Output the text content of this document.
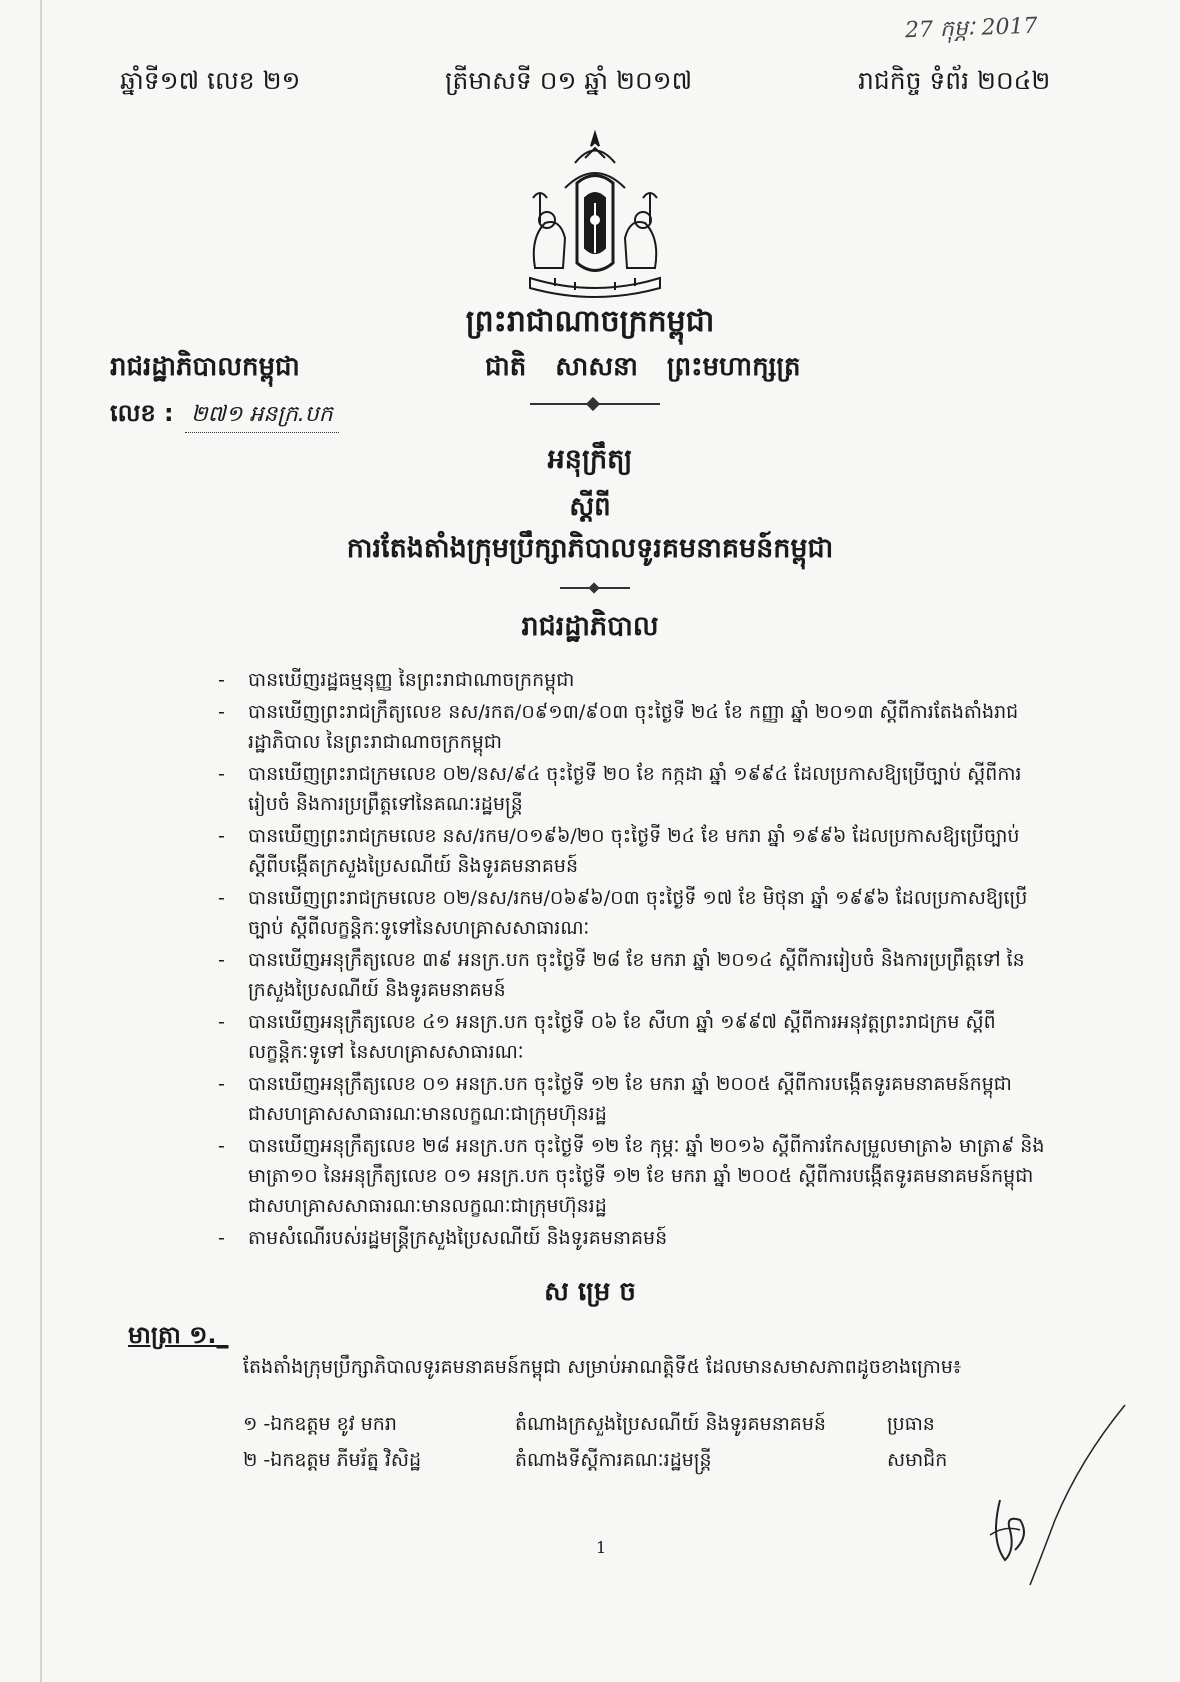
27 កុម្ភៈ 2017
ឆ្នាំទី១៧ លេខ ២១	ត្រីមាសទី ០១ ឆ្នាំ ២០១៧	រាជកិច្ច ទំព័រ ២០៤២
ព្រះរាជាណាចក្រកម្ពុជា
រាជរដ្ឋាភិបាលកម្ពុជា	ជាតិ សាសនា ព្រះមហាក្សត្រ
លេខ : ២៧១ អនក្រ.បក
អនុក្រឹត្យ
ស្តីពី
ការតែងតាំងក្រុមប្រឹក្សាភិបាលទូរគមនាគមន៍កម្ពុជា
រាជរដ្ឋាភិបាល
- បានឃើញរដ្ឋធម្មនុញ្ញ នៃព្រះរាជាណាចក្រកម្ពុជា
- បានឃើញព្រះរាជក្រឹត្យលេខ នស/រកត/០៩១៣/៩០៣ ចុះថ្ងៃទី ២៤ ខែ កញ្ញា ឆ្នាំ ២០១៣ ស្តីពីការតែងតាំងរាជរដ្ឋាភិបាល នៃព្រះរាជាណាចក្រកម្ពុជា
- បានឃើញព្រះរាជក្រមលេខ ០២/នស/៩៤ ចុះថ្ងៃទី ២០ ខែ កក្កដា ឆ្នាំ ១៩៩៤ ដែលប្រកាសឱ្យប្រើច្បាប់ ស្តីពីការរៀបចំ និងការប្រព្រឹត្តទៅនៃគណៈរដ្ឋមន្ត្រី
- បានឃើញព្រះរាជក្រមលេខ នស/រកម/០១៩៦/២០ ចុះថ្ងៃទី ២៤ ខែ មករា ឆ្នាំ ១៩៩៦ ដែលប្រកាសឱ្យប្រើច្បាប់ ស្តីពីបង្កើតក្រសួងប្រៃសណីយ៍ និងទូរគមនាគមន៍
- បានឃើញព្រះរាជក្រមលេខ ០២/នស/រកម/០៦៩៦/០៣ ចុះថ្ងៃទី ១៧ ខែ មិថុនា ឆ្នាំ ១៩៩៦ ដែលប្រកាសឱ្យប្រើច្បាប់ ស្តីពីលក្ខន្តិកៈទូទៅនៃសហគ្រាសសាធារណៈ
- បានឃើញអនុក្រឹត្យលេខ ៣៩ អនក្រ.បក ចុះថ្ងៃទី ២៨ ខែ មករា ឆ្នាំ ២០១៤ ស្តីពីការរៀបចំ និងការប្រព្រឹត្តទៅ នៃក្រសួងប្រៃសណីយ៍ និងទូរគមនាគមន៍
- បានឃើញអនុក្រឹត្យលេខ ៤១ អនក្រ.បក ចុះថ្ងៃទី ០៦ ខែ សីហា ឆ្នាំ ១៩៩៧ ស្តីពីការអនុវត្តព្រះរាជក្រម ស្តីពីលក្ខន្តិកៈទូទៅ នៃសហគ្រាសសាធារណៈ
- បានឃើញអនុក្រឹត្យលេខ ០១ អនក្រ.បក ចុះថ្ងៃទី ១២ ខែ មករា ឆ្នាំ ២០០៥ ស្តីពីការបង្កើតទូរគមនាគមន៍កម្ពុជាជាសហគ្រាសសាធារណៈមានលក្ខណៈជាក្រុមហ៊ុនរដ្ឋ
- បានឃើញអនុក្រឹត្យលេខ ២៨ អនក្រ.បក ចុះថ្ងៃទី ១២ ខែ កុម្ភៈ ឆ្នាំ ២០១៦ ស្តីពីការកែសម្រួលមាត្រា៦ មាត្រា៩ និងមាត្រា១០ នៃអនុក្រឹត្យលេខ ០១ អនក្រ.បក ចុះថ្ងៃទី ១២ ខែ មករា ឆ្នាំ ២០០៥ ស្តីពីការបង្កើតទូរគមនាគមន៍កម្ពុជាជាសហគ្រាសសាធារណៈមានលក្ខណៈជាក្រុមហ៊ុនរដ្ឋ
- តាមសំណើរបស់រដ្ឋមន្ត្រីក្រសួងប្រៃសណីយ៍ និងទូរគមនាគមន៍
ស ម្រេ ច
មាត្រា ១._
តែងតាំងក្រុមប្រឹក្សាភិបាលទូរគមនាគមន៍កម្ពុជា សម្រាប់អាណត្តិទី៥ ដែលមានសមាសភាពដូចខាងក្រោម៖
១ -ឯកឧត្តម ខូវ មករា	តំណាងក្រសួងប្រៃសណីយ៍ និងទូរគមនាគមន៍	ប្រធាន
២ -ឯកឧត្តម ភីមរ័ត្ន វិសិដ្ឋ	តំណាងទីស្តីការគណៈរដ្ឋមន្ត្រី	សមាជិក
1
